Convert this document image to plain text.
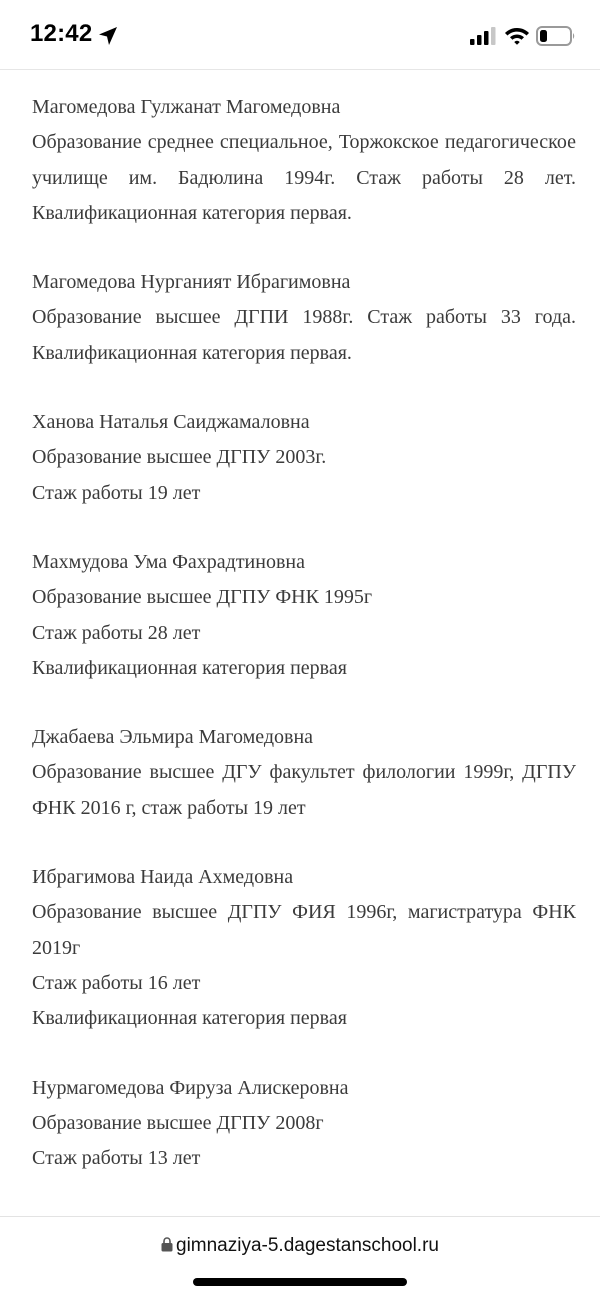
12:42

Магомедова Гулжанат Магомедовна

Образование среднее специальное, Торжокское педагогическое училище им. Бадюлина 1994г. Стаж работы 28 лет. Квалификационная категория первая.

Магомедова Нурганият Ибрагимовна

Образование высшее ДГПИ 1988г. Стаж работы 33 года. Квалификационная категория первая.

Ханова Наталья Саиджамаловна

Образование высшее ДГПУ 2003г.

Стаж работы 19 лет

Махмудова Ума Фахрадтиновна

Образование высшее ДГПУ ФНК 1995г

Стаж работы 28 лет

Квалификационная категория первая

Джабаева Эльмира Магомедовна

Образование высшее ДГУ факультет филологии 1999г, ДГПУ ФНК 2016 г, стаж работы 19 лет

Ибрагимова Наида Ахмедовна

Образование высшее ДГПУ ФИЯ 1996г, магистратура ФНК 2019г

Стаж работы 16 лет

Квалификационная категория первая

Нурмагомедова Фируза Алискеровна

Образование высшее ДГПУ 2008г

Стаж работы 13 лет

gimnaziya-5.dagestanschool.ru
